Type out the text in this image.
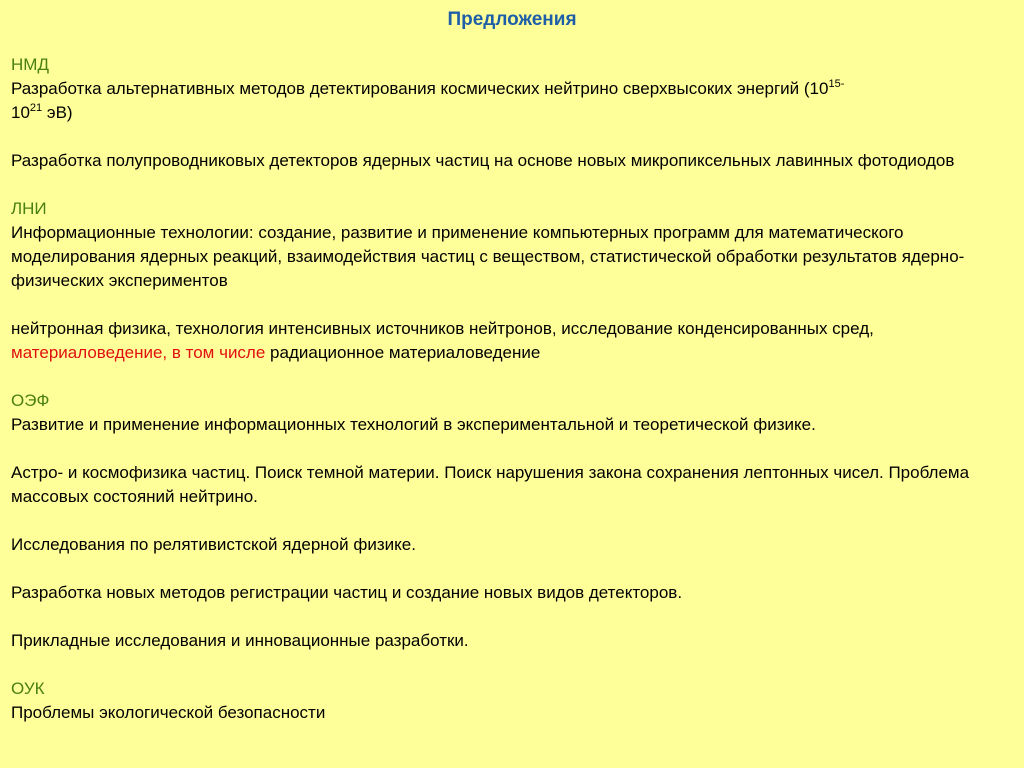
Предложения
НМД
Разработка альтернативных методов детектирования космических нейтрино сверхвысоких энергий ($10^{15-}$
$10^{21}$ эВ)
Разработка полупроводниковых детекторов ядерных частиц на основе новых микропиксельных лавинных фотодиодов
ЛНИ
Информационные технологии: создание, развитие и применение компьютерных программ для математического моделирования ядерных реакций, взаимодействия частиц с веществом, статистической обработки результатов ядерно-физических экспериментов
нейтронная физика, технология интенсивных источников нейтронов, исследование конденсированных сред, материаловедение, в том числе радиационное материаловедение
ОЭФ
Развитие и применение информационных технологий в экспериментальной и теоретической физике.
Астро- и космофизика частиц. Поиск темной материи. Поиск нарушения закона сохранения лептонных чисел. Проблема массовых состояний нейтрино.
Исследования по релятивистской ядерной физике.
Разработка новых методов регистрации частиц и создание новых видов детекторов.
Прикладные исследования и инновационные разработки.
ОУК
Проблемы экологической безопасности
